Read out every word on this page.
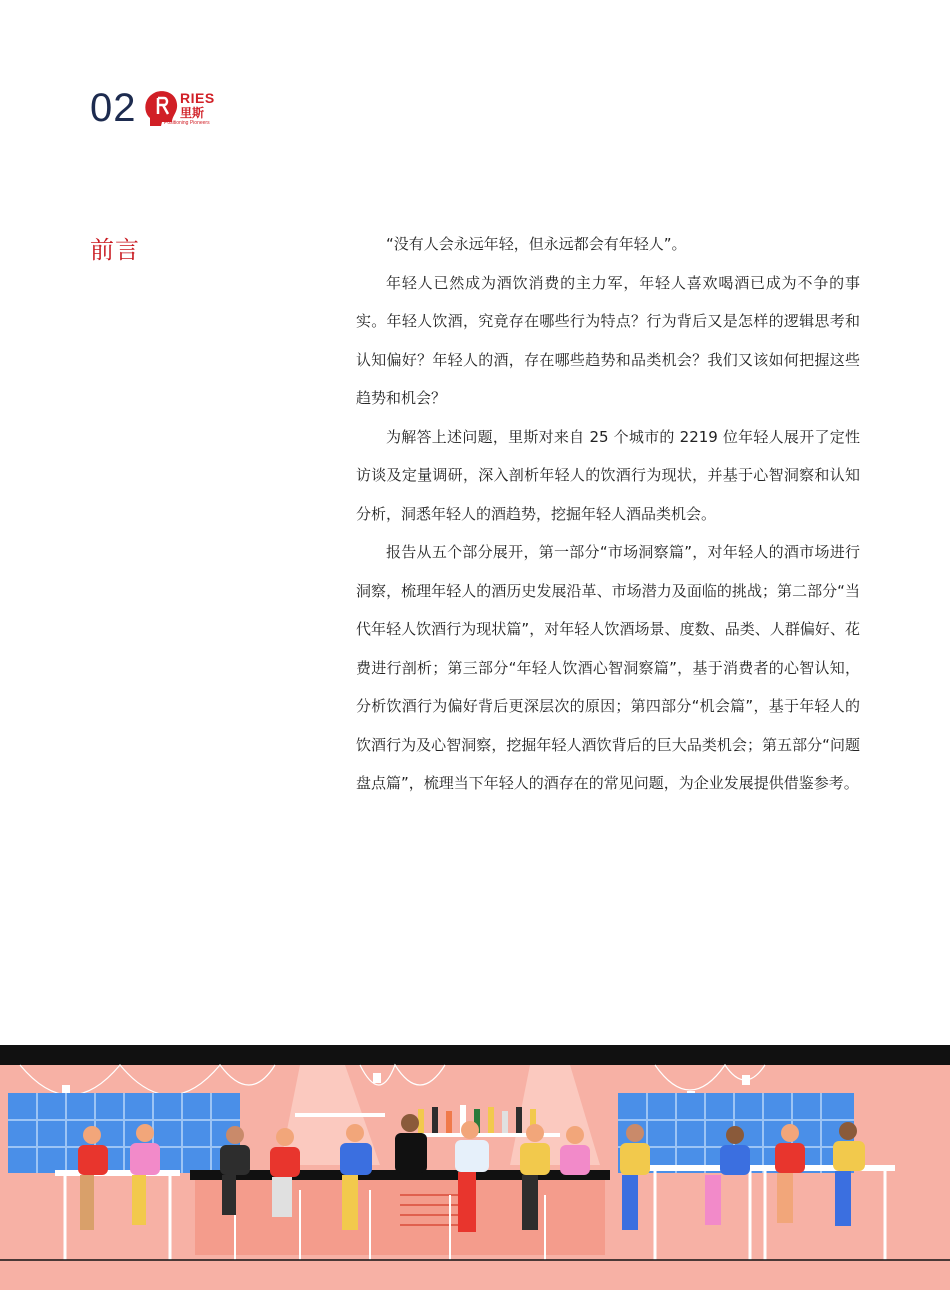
02	RIES
里斯
Positioning Pioneers
前言	“没有人会永远年轻，但永远都会有年轻人”。

年轻人已然成为酒饮消费的主力军，年轻人喜欢喝酒已成为不争的事实。年轻人饮酒，究竟存在哪些行为特点？行为背后又是怎样的逻辑思考和认知偏好？年轻人的酒，存在哪些趋势和品类机会？我们又该如何把握这些趋势和机会？

为解答上述问题，里斯对来自 25 个城市的 2219 位年轻人展开了定性访谈及定量调研，深入剖析年轻人的饮酒行为现状，并基于心智洞察和认知分析，洞悉年轻人的酒趋势，挖掘年轻人酒品类机会。

报告从五个部分展开，第一部分“市场洞察篇”，对年轻人的酒市场进行洞察，梳理年轻人的酒历史发展沿革、市场潜力及面临的挑战；第二部分“当代年轻人饮酒行为现状篇”，对年轻人饮酒场景、度数、品类、人群偏好、花费进行剖析；第三部分“年轻人饮酒心智洞察篇”，基于消费者的心智认知，分析饮酒行为偏好背后更深层次的原因；第四部分“机会篇”，基于年轻人的饮酒行为及心智洞察，挖掘年轻人酒饮背后的巨大品类机会；第五部分“问题盘点篇”，梳理当下年轻人的酒存在的常见问题，为企业发展提供借鉴参考。
